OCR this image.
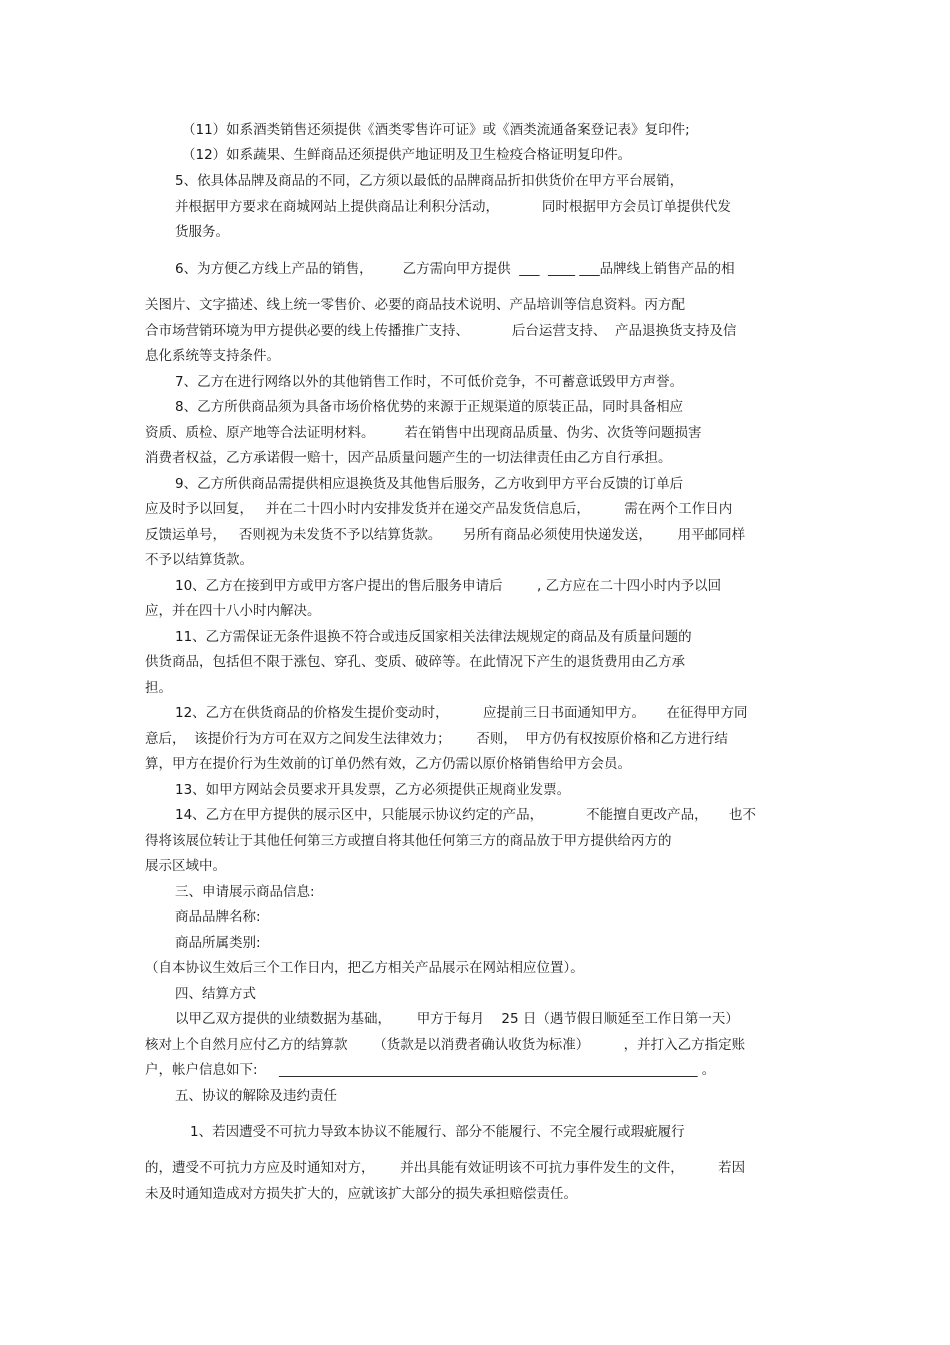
（11）如系酒类销售还须提供《酒类零售许可证》或《酒类流通备案登记表》复印件;
（12）如系蔬果、生鲜商品还须提供产地证明及卫生检疫合格证明复印件。
5、依具体品牌及商品的不同，乙方须以最低的品牌商品折扣供货价在甲方平台展销，
并根据甲方要求在商城网站上提供商品让利积分活动，          同时根据甲方会员订单提供代发
货服务。
6、为方便乙方线上产品的销售，       乙方需向甲方提供  ___  ____ ___品牌线上销售产品的相
关图片、文字描述、线上统一零售价、必要的商品技术说明、产品培训等信息资料。丙方配
合市场营销环境为甲方提供必要的线上传播推广支持、          后台运营支持、  产品退换货支持及信
息化系统等支持条件。
7、乙方在进行网络以外的其他销售工作时，不可低价竞争，不可蓄意诋毁甲方声誉。
8、乙方所供商品须为具备市场价格优势的来源于正规渠道的原装正品，同时具备相应
资质、质检、原产地等合法证明材料。       若在销售中出现商品质量、伪劣、次货等问题损害
消费者权益，乙方承诺假一赔十，因产品质量问题产生的一切法律责任由乙方自行承担。
9、乙方所供商品需提供相应退换货及其他售后服务，乙方收到甲方平台反馈的订单后
应及时予以回复，   并在二十四小时内安排发货并在递交产品发货信息后，        需在两个工作日内
反馈运单号，   否则视为未发货不予以结算货款。     另所有商品必须使用快递发送，      用平邮同样
不予以结算货款。
10、乙方在接到甲方或甲方客户提出的售后服务申请后        , 乙方应在二十四小时内予以回
应，并在四十八小时内解决。
11、乙方需保证无条件退换不符合或违反国家相关法律法规规定的商品及有质量问题的
供货商品，包括但不限于涨包、穿孔、变质、破碎等。在此情况下产生的退货费用由乙方承
担。
12、乙方在供货商品的价格发生提价变动时，        应提前三日书面通知甲方。     在征得甲方同
意后，  该提价行为方可在双方之间发生法律效力；      否则，  甲方仍有权按原价格和乙方进行结
算，甲方在提价行为生效前的订单仍然有效，乙方仍需以原价格销售给甲方会员。
13、如甲方网站会员要求开具发票，乙方必须提供正规商业发票。
14、乙方在甲方提供的展示区中，只能展示协议约定的产品，          不能擅自更改产品，     也不
得将该展位转让于其他任何第三方或擅自将其他任何第三方的商品放于甲方提供给丙方的
展示区域中。
三、申请展示商品信息:
商品品牌名称:
商品所属类别:
（自本协议生效后三个工作日内，把乙方相关产品展示在网站相应位置）。
四、结算方式
以甲乙双方提供的业绩数据为基础，      甲方于每月    25 日（遇节假日顺延至工作日第一天）
核对上个自然月应付乙方的结算款      （货款是以消费者确认收货为标准）        ，并打入乙方指定账
户，帐户信息如下:     ______________________________________________________________ 。
五、协议的解除及违约责任
1、若因遭受不可抗力导致本协议不能履行、部分不能履行、不完全履行或瑕疵履行
的，遭受不可抗力方应及时通知对方，      并出具能有效证明该不可抗力事件发生的文件，        若因
未及时通知造成对方损失扩大的，应就该扩大部分的损失承担赔偿责任。
